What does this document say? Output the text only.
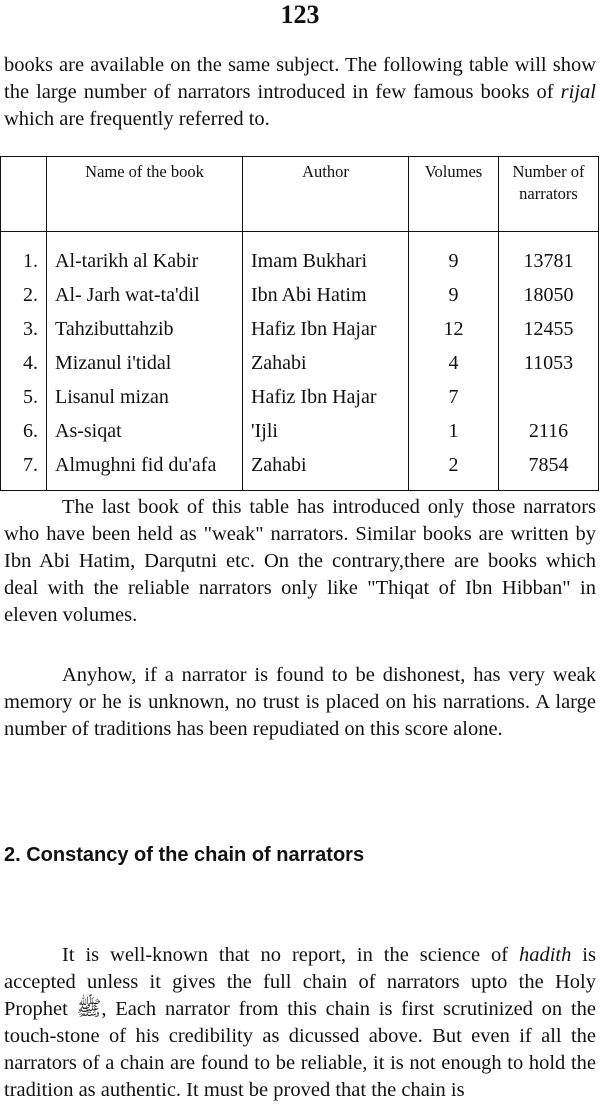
123

books are available on the same subject. The following table will show the large number of narrators introduced in few famous books of rijal which are frequently referred to.

	Name of the book	Author	Volumes	Number of narrators
1.	Al-tarikh al Kabir	Imam Bukhari	9	13781
2.	Al- Jarh wat-ta'dil	Ibn Abi Hatim	9	18050
3.	Tahzibuttahzib	Hafiz Ibn Hajar	12	12455
4.	Mizanul i'tidal	Zahabi	4	11053
5.	Lisanul mizan	Hafiz Ibn Hajar	7	
6.	As-siqat	'Ijli	1	2116
7.	Almughni fid du'afa	Zahabi	2	7854

The last book of this table has introduced only those narrators who have been held as "weak" narrators. Similar books are written by Ibn Abi Hatim, Darqutni etc. On the contrary,there are books which deal with the reliable narrators only like "Thiqat of Ibn Hibban" in eleven volumes.

Anyhow, if a narrator is found to be dishonest, has very weak memory or he is unknown, no trust is placed on his narrations. A large number of traditions has been repudiated on this score alone.

2. Constancy of the chain of narrators

It is well-known that no report, in the science of hadith is accepted unless it gives the full chain of narrators upto the Holy Prophet ﷺ, Each narrator from this chain is first scrutinized on the touch-stone of his credibility as dicussed above. But even if all the narrators of a chain are found to be reliable, it is not enough to hold the tradition as authentic. It must be proved that the chain is
